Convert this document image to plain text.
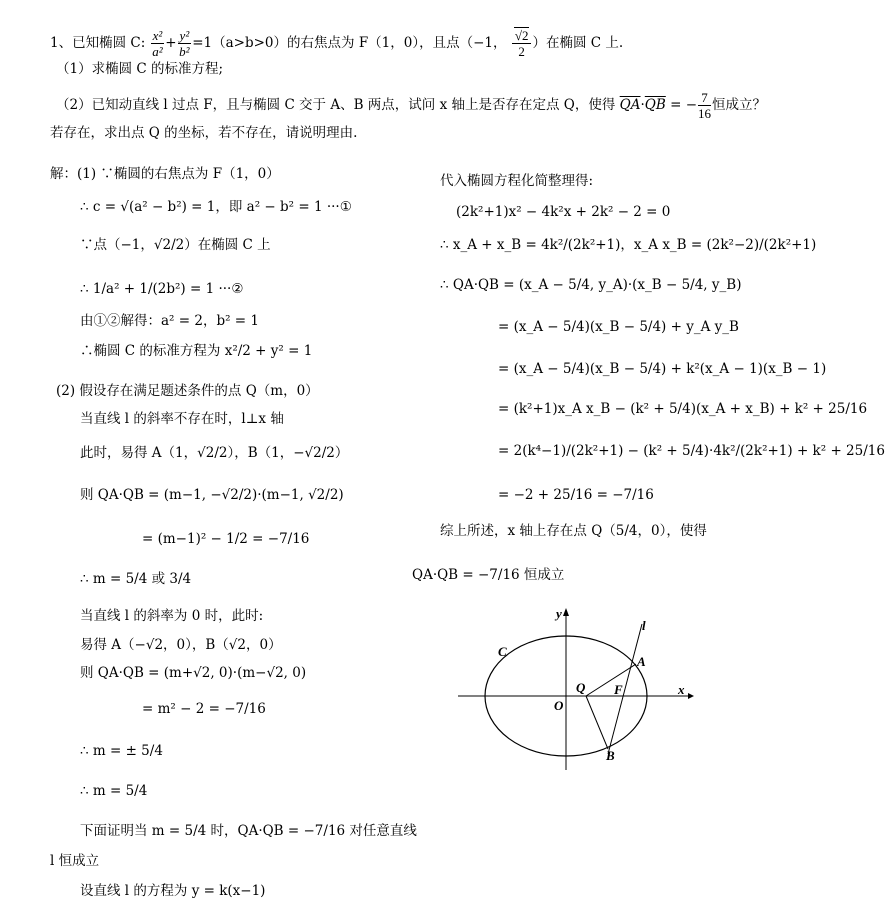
1、已知椭圆 C: $\frac{\text{x²}}{\text{a²}} + \frac{\text{y²}}{\text{b²}} =1(a>b>0)$的右焦点为 F（1，0），且点（−1， $\frac{√2}{2}$ ）在椭圆 C 上.
（1）求椭圆 C 的标准方程;
（2）已知动直线 l 过点 F，且与椭圆 C 交于 A、B 两点，试问 x 轴上是否存在定点 Q，使得 $\overline{QA}\cdot\overline{QB}$ = − $\frac{7}{16}$ 恒成立？
若存在，求出点 Q 的坐标，若不存在，请说明理由.
解：(1) ∵椭圆的右焦点为 F（1，0）
∴ c = √(a² − b²) = 1，即 a² − b² = 1 ···①
∵点（−1，√2/2）在椭圆 C 上
∴ 1/a² + 1/(2b²) = 1 ···②
由①②解得：a² = 2，b² = 1
∴椭圆 C 的标准方程为 x²/2 + y² = 1
(2) 假设存在满足题述条件的点 Q（m，0）
当直线 l 的斜率不存在时，l⊥x 轴
此时，易得 A（1，√2/2），B（1，−√2/2）
则 QA·QB = (m−1, −√2/2)·(m−1, √2/2)
= (m−1)² − 1/2 = −7/16
∴ m = 5/4 或 3/4
当直线 l 的斜率为 0 时，此时:
易得 A（−√2，0），B（√2，0）
则 QA·QB = (m+√2, 0)·(m−√2, 0)
= m² − 2 = −7/16
∴ m = ± 5/4
∴ m = 5/4
下面证明当 m = 5/4 时，QA·QB = −7/16 对任意直线
l 恒成立
设直线 l 的方程为 y = k(x−1)
代入椭圆方程化简整理得:
(2k²+1)x² − 4k²x + 2k² − 2 = 0
∴ x_A + x_B = 4k²/(2k²+1)，x_A x_B = (2k²−2)/(2k²+1)
∴ QA·QB = (x_A − 5/4, y_A)·(x_B − 5/4, y_B)
= (x_A − 5/4)(x_B − 5/4) + y_A y_B
= (x_A − 5/4)(x_B − 5/4) + k²(x_A − 1)(x_B − 1)
= (k²+1)x_A x_B − (k² + 5/4)(x_A + x_B) + k² + 25/16
= 2(k⁴−1)/(2k²+1) − (k² + 5/4)·4k²/(2k²+1) + k² + 25/16
= −2 + 25/16 = −7/16
综上所述，x 轴上存在点 Q（5/4，0），使得
QA·QB = −7/16 恒成立
y
x
O
C
l
A
B
Q F
